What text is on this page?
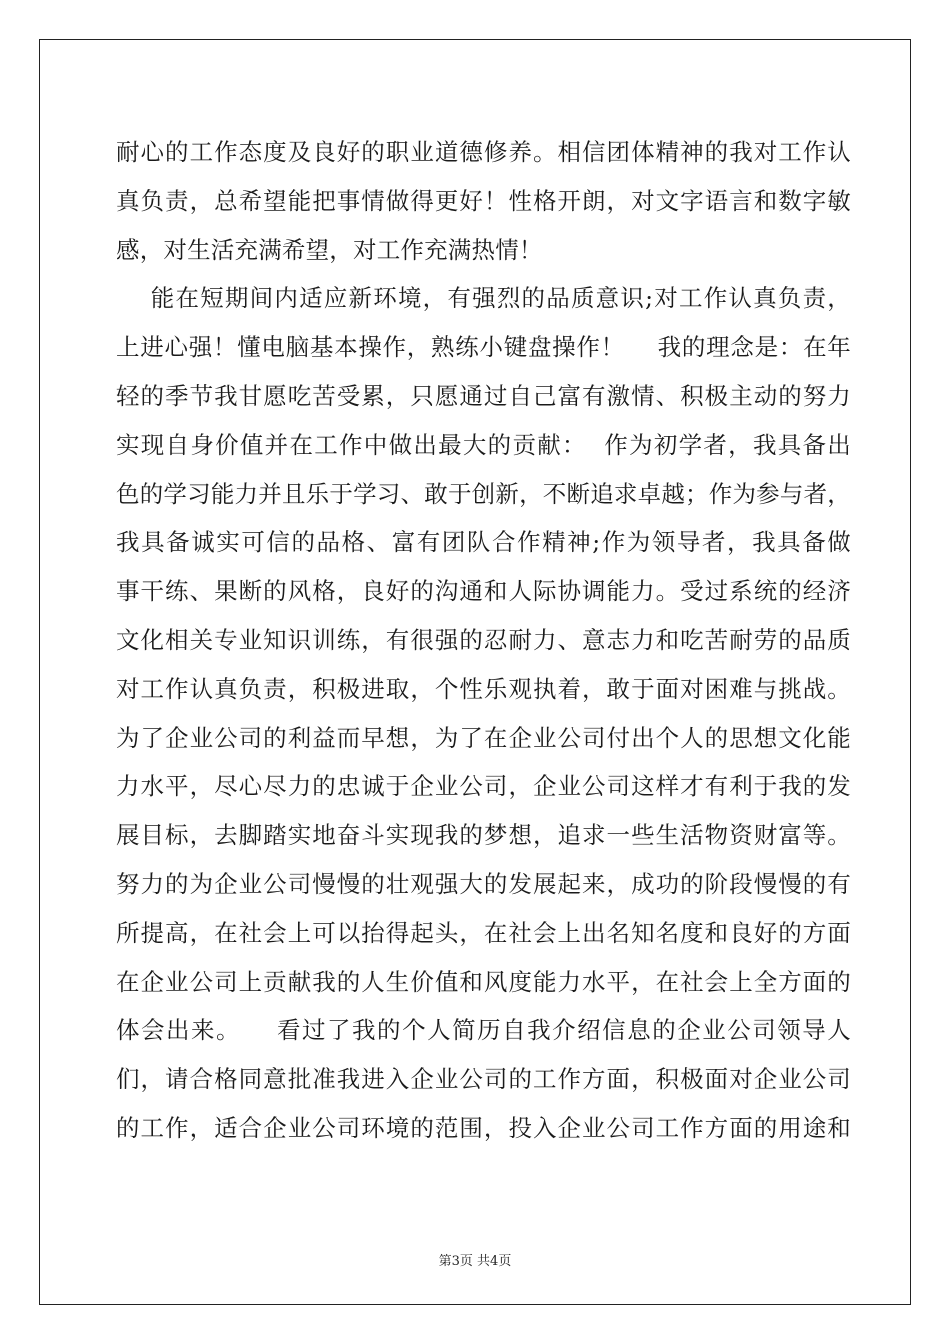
耐心的工作态度及良好的职业道德修养。相信团体精神的我对工作认
真负责，总希望能把事情做得更好！性格开朗，对文字语言和数字敏
感，对生活充满希望，对工作充满热情！
能在短期间内适应新环境，有强烈的品质意识;对工作认真负责，
上进心强！懂电脑基本操作，熟练小键盘操作！    我的理念是：在年
轻的季节我甘愿吃苦受累，只愿通过自己富有激情、积极主动的努力
实现自身价值并在工作中做出最大的贡献：  作为初学者，我具备出
色的学习能力并且乐于学习、敢于创新，不断追求卓越；作为参与者，
我具备诚实可信的品格、富有团队合作精神;作为领导者，我具备做
事干练、果断的风格，良好的沟通和人际协调能力。受过系统的经济
文化相关专业知识训练，有很强的忍耐力、意志力和吃苦耐劳的品质
对工作认真负责，积极进取，个性乐观执着，敢于面对困难与挑战。
为了企业公司的利益而早想，为了在企业公司付出个人的思想文化能
力水平，尽心尽力的忠诚于企业公司，企业公司这样才有利于我的发
展目标，去脚踏实地奋斗实现我的梦想，追求一些生活物资财富等。
努力的为企业公司慢慢的壮观强大的发展起来，成功的阶段慢慢的有
所提高，在社会上可以抬得起头，在社会上出名知名度和良好的方面
在企业公司上贡献我的人生价值和风度能力水平，在社会上全方面的
体会出来。    看过了我的个人简历自我介绍信息的企业公司领导人
们，请合格同意批准我进入企业公司的工作方面，积极面对企业公司
的工作，适合企业公司环境的范围，投入企业公司工作方面的用途和
第3页 共4页
